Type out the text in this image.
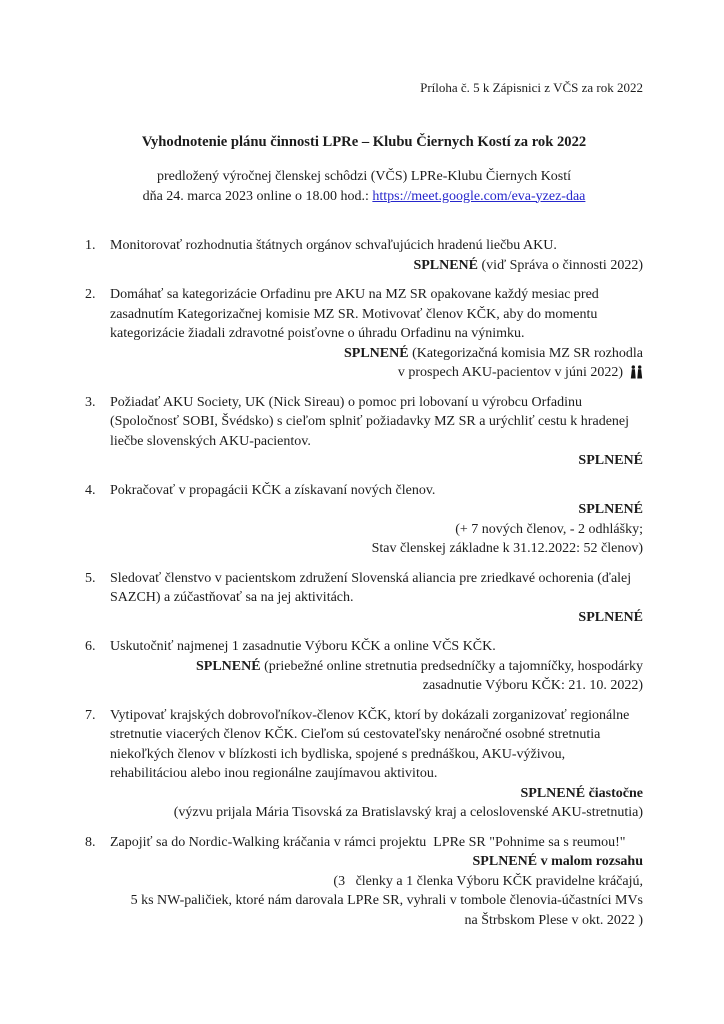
Príloha č. 5 k Zápisnici z VČS za rok 2022
Vyhodnotenie plánu činnosti LPRe – Klubu Čiernych Kostí za rok 2022
predložený výročnej členskej schôdzi (VČS) LPRe-Klubu Čiernych Kostí
dňa 24. marca 2023 online o 18.00 hod.: https://meet.google.com/eva-yzez-daa
1. Monitorovať rozhodnutia štátnych orgánov schvaľujúcich hradenú liečbu AKU.
SPLNENÉ (viď Správa o činnosti 2022)
2. Domáhať sa kategorizácie Orfadinu pre AKU na MZ SR opakovane každý mesiac pred zasadnutím Kategorizačnej komisie MZ SR. Motivovať členov KČK, aby do momentu kategorizácie žiadali zdravotné poisťovne o úhradu Orfadinu na výnimku.
SPLNENÉ (Kategorizačná komisia MZ SR rozhodla
v prospech AKU-pacientov v júni 2022)
3. Požiadať AKU Society, UK (Nick Sireau) o pomoc pri lobovaní u výrobcu Orfadinu (Spoločnosť SOBI, Švédsko) s cieľom splniť požiadavky MZ SR a urýchliť cestu k hradenej liečbe slovenských AKU-pacientov.
SPLNENÉ
4. Pokračovať v propagácii KČK a získavaní nových členov.
SPLNENÉ
(+ 7 nových členov, - 2 odhlášky;
Stav členskej základne k 31.12.2022: 52 členov)
5. Sledovať členstvo v pacientskom združení Slovenská aliancia pre zriedkavé ochorenia (ďalej SAZCH) a zúčastňovať sa na jej aktivitách.
SPLNENÉ
6. Uskutočniť najmenej 1 zasadnutie Výboru KČK a online VČS KČK.
SPLNENÉ (priebežné online stretnutia predsedníčky a tajomníčky, hospodárky
zasadnutie Výboru KČK: 21. 10. 2022)
7. Vytipovať krajských dobrovoľníkov-členov KČK, ktorí by dokázali zorganizovať regionálne stretnutie viacerých členov KČK. Cieľom sú cestovateľsky nenáročné osobné stretnutia niekoľkých členov v blízkosti ich bydliska, spojené s prednáškou, AKU-výživou, rehabilitáciou alebo inou regionálne zaujímavou aktivitou.
SPLNENÉ čiastočne
(výzvu prijala Mária Tisovská za Bratislavský kraj a celoslovenské AKU-stretnutia)
8. Zapojiť sa do Nordic-Walking kráčania v rámci projektu  LPRe SR "Pohnime sa s reumou!"
SPLNENÉ v malom rozsahu
(3   členky a 1 členka Výboru KČK pravidelne kráčajú,
5 ks NW-paličiek, ktoré nám darovala LPRe SR, vyhrali v tombole členovia-účastníci MVs
na Štrbskom Plese v okt. 2022 )
